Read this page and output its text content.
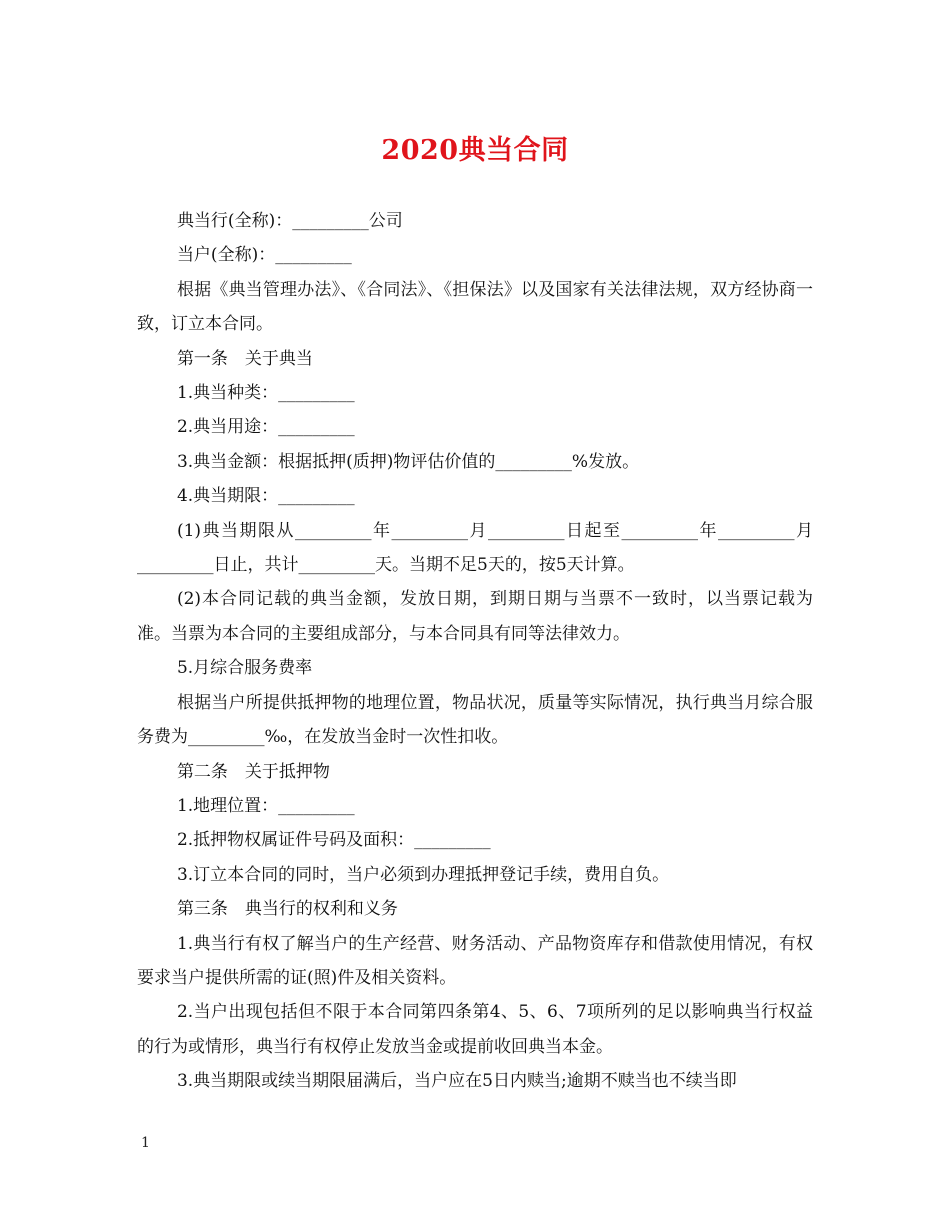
2020典当合同

典当行(全称)：_________公司

当户(全称)：_________

根据《典当管理办法》、《合同法》、《担保法》以及国家有关法律法规，双方经协商一致，订立本合同。

第一条　关于典当

1.典当种类：_________

2.典当用途：_________

3.典当金额：根据抵押(质押)物评估价值的_________%发放。

4.典当期限：_________

(1)典当期限从_________年_________月_________日起至_________年_________月_________日止，共计_________天。当期不足5天的，按5天计算。

(2)本合同记载的典当金额，发放日期，到期日期与当票不一致时，以当票记载为准。当票为本合同的主要组成部分，与本合同具有同等法律效力。

5.月综合服务费率

根据当户所提供抵押物的地理位置，物品状况，质量等实际情况，执行典当月综合服务费为_________‰，在发放当金时一次性扣收。

第二条　关于抵押物

1.地理位置：_________

2.抵押物权属证件号码及面积：_________

3.订立本合同的同时，当户必须到办理抵押登记手续，费用自负。

第三条　典当行的权利和义务

1.典当行有权了解当户的生产经营、财务活动、产品物资库存和借款使用情况，有权要求当户提供所需的证(照)件及相关资料。

2.当户出现包括但不限于本合同第四条第4、5、6、7项所列的足以影响典当行权益的行为或情形，典当行有权停止发放当金或提前收回典当本金。

3.典当期限或续当期限届满后，当户应在5日内赎当;逾期不赎当也不续当即

1
